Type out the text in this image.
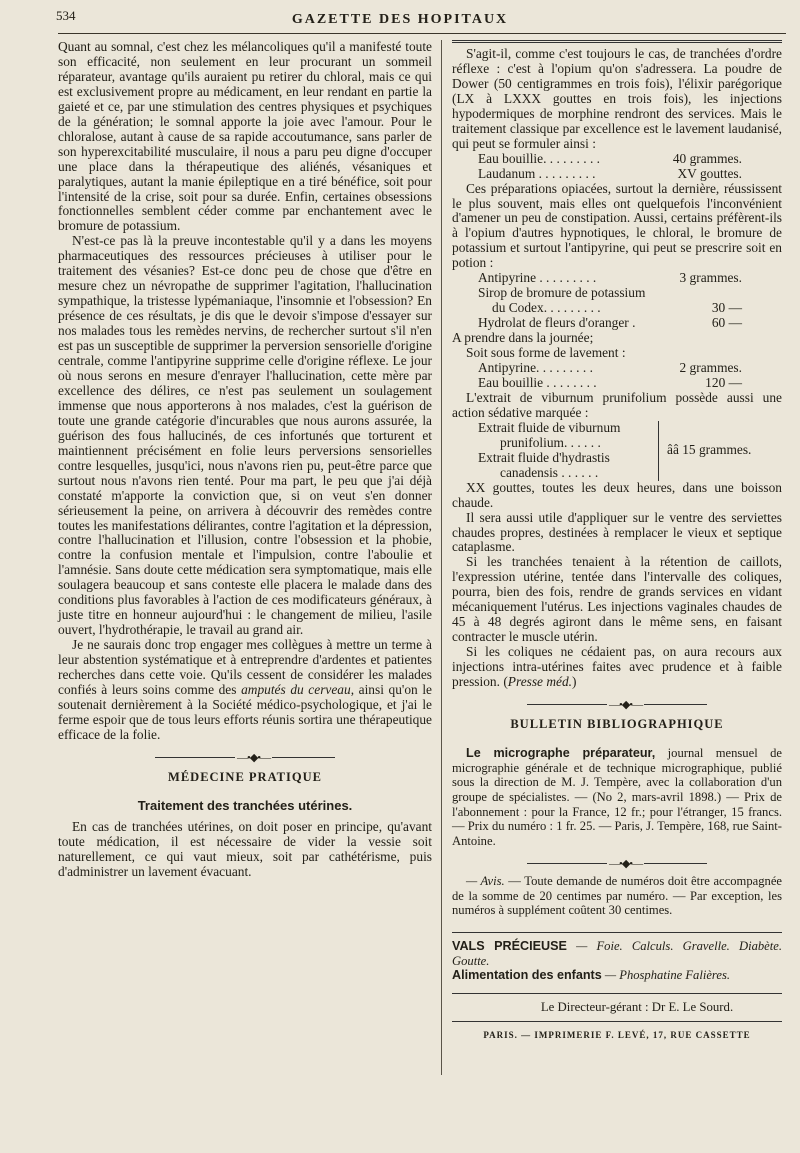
534	GAZETTE DES HOPITAUX

Quant au somnal, c'est chez les mélancoliques qu'il a manifesté toute son efficacité, non seulement en leur procurant un sommeil réparateur, avantage qu'ils auraient pu retirer du chloral, mais ce qui est exclusivement propre au médicament, en leur rendant en partie la gaieté et ce, par une stimulation des centres physiques et psychiques de la génération; le somnal apporte la joie avec l'amour. Pour le chloralose, autant à cause de sa rapide accoutumance, sans parler de son hyperexcitabilité musculaire, il nous a paru peu digne d'occuper une place dans la thérapeutique des aliénés, vésaniques et paralytiques, autant la manie épileptique en a tiré bénéfice, soit pour l'intensité de la crise, soit pour sa durée. Enfin, certaines obsessions fonctionnelles semblent céder comme par enchantement avec le bromure de potassium.

N'est-ce pas là la preuve incontestable qu'il y a dans les moyens pharmaceutiques des ressources précieuses à utiliser pour le traitement des vésanies? Est-ce donc peu de chose que d'être en mesure chez un névropathe de supprimer l'agitation, l'hallucination sympathique, la tristesse lypémaniaque, l'insomnie et l'obsession? En présence de ces résultats, je dis que le devoir s'impose d'essayer sur nos malades tous les remèdes nervins, de rechercher surtout s'il n'en est pas un susceptible de supprimer la perversion sensorielle d'origine centrale, comme l'antipyrine supprime celle d'origine réflexe. Le jour où nous serons en mesure d'enrayer l'hallucination, cette mère par excellence des délires, ce n'est pas seulement un soulagement immense que nous apporterons à nos malades, c'est la guérison de toute une grande catégorie d'incurables que nous aurons assurée, la guérison des fous hallucinés, de ces infortunés que torturent et maintiennent précisément en folie leurs perversions sensorielles contre lesquelles, jusqu'ici, nous n'avons rien pu, peut-être parce que surtout nous n'avons rien tenté. Pour ma part, le peu que j'ai déjà constaté m'apporte la conviction que, si on veut s'en donner sérieusement la peine, on arrivera à découvrir des remèdes contre toutes les manifestations délirantes, contre l'agitation et la dépression, contre l'hallucination et l'illusion, contre l'obsession et la phobie, contre la confusion mentale et l'impulsion, contre l'aboulie et l'amnésie. Sans doute cette médication sera symptomatique, mais elle soulagera beaucoup et sans conteste elle placera le malade dans des conditions plus favorables à l'action de ces modificateurs généraux, à juste titre en honneur aujourd'hui : le changement de milieu, l'asile ouvert, l'hydrothérapie, le travail au grand air.

Je ne saurais donc trop engager mes collègues à mettre un terme à leur abstention systématique et à entreprendre d'ardentes et patientes recherches dans cette voie. Qu'ils cessent de considérer les malades confiés à leurs soins comme des amputés du cerveau, ainsi qu'on le soutenait dernièrement à la Société médico-psychologique, et j'ai le ferme espoir que de tous leurs efforts réunis sortira une thérapeutique efficace de la folie.

—•◆•—
MÉDECINE PRATIQUE
Traitement des tranchées utérines.

En cas de tranchées utérines, on doit poser en principe, qu'avant toute médication, il est nécessaire de vider la vessie soit naturellement, ce qui vaut mieux, soit par cathétérisme, puis d'administrer un lavement évacuant.

S'agit-il, comme c'est toujours le cas, de tranchées d'ordre réflexe : c'est à l'opium qu'on s'adressera. La poudre de Dower (50 centigrammes en trois fois), l'élixir parégorique (LX à LXXX gouttes en trois fois), les injections hypodermiques de morphine rendront des services. Mais le traitement classique par excellence est le lavement laudanisé, qui peut se formuler ainsi :

Eau bouillie. . . . . . . . .	40 grammes.
Laudanum . . . . . . . . .	XV gouttes.

Ces préparations opiacées, surtout la dernière, réussissent le plus souvent, mais elles ont quelquefois l'inconvénient d'amener un peu de constipation. Aussi, certains préfèrent-ils à l'opium d'autres hypnotiques, le chloral, le bromure de potassium et surtout l'antipyrine, qui peut se prescrire soit en potion :

Antipyrine . . . . . . . . .	3 grammes.
Sirop de bromure de potassium
du Codex. . . . . . . . .	30 —
Hydrolat de fleurs d'oranger .	60 —

A prendre dans la journée;

Soit sous forme de lavement :

Antipyrine. . . . . . . . .	2 grammes.
Eau bouillie . . . . . . . .	120 —

L'extrait de viburnum prunifolium possède aussi une action sédative marquée :

Extrait fluide de viburnum
prunifolium. . . . . .
Extrait fluide d'hydrastis
canadensis . . . . . .
ââ 15 grammes.

XX gouttes, toutes les deux heures, dans une boisson chaude.

Il sera aussi utile d'appliquer sur le ventre des serviettes chaudes propres, destinées à remplacer le vieux et septique cataplasme.

Si les tranchées tenaient à la rétention de caillots, l'expression utérine, tentée dans l'intervalle des coliques, pourra, bien des fois, rendre de grands services en vidant mécaniquement l'utérus. Les injections vaginales chaudes de 45 à 48 degrés agiront dans le même sens, en faisant contracter le muscle utérin.

Si les coliques ne cédaient pas, on aura recours aux injections intra-utérines faites avec prudence et à faible pression. (Presse méd.)

—•◆•—
BULLETIN BIBLIOGRAPHIQUE

Le micrographe préparateur, journal mensuel de micrographie générale et de technique micrographique, publié sous la direction de M. J. Tempère, avec la collaboration d'un groupe de spécialistes. — (No 2, mars-avril 1898.) — Prix de l'abonnement : pour la France, 12 fr.; pour l'étranger, 15 francs. — Prix du numéro : 1 fr. 25. — Paris, J. Tempère, 168, rue Saint-Antoine.

—•◆•—

— Avis. — Toute demande de numéros doit être accompagnée de la somme de 20 centimes par numéro. — Par exception, les numéros à supplément coûtent 30 centimes.

VALS PRÉCIEUSE — Foie. Calculs. Gravelle. Diabète. Goutte.

Alimentation des enfants — Phosphatine Falières.

Le Directeur-gérant : Dr E. Le Sourd.
PARIS. — IMPRIMERIE F. LEVÉ, 17, RUE CASSETTE
